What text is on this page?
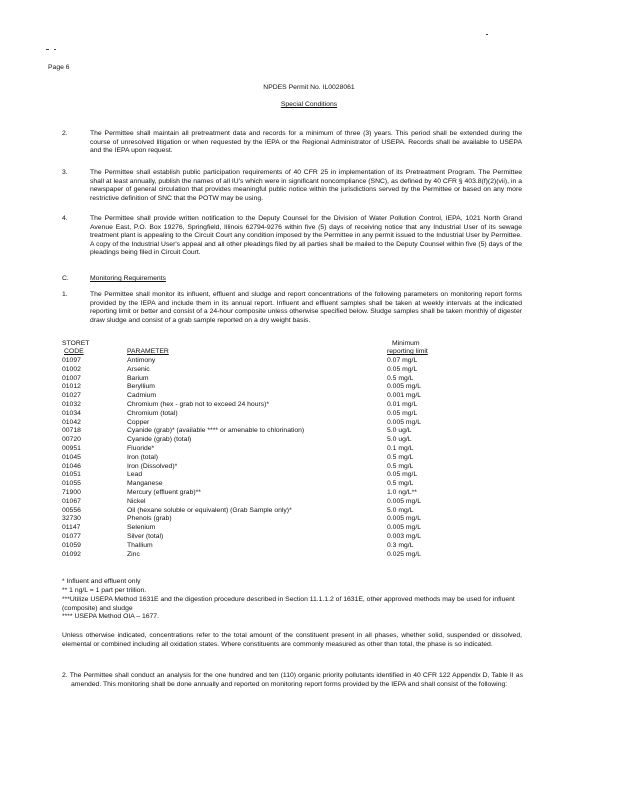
Page 6
NPDES Permit No. IL0028061
Special Conditions
2.	The Permittee shall maintain all pretreatment data and records for a minimum of three (3) years. This period shall be extended during the course of unresolved litigation or when requested by the IEPA or the Regional Administrator of USEPA. Records shall be available to USEPA and the IEPA upon request.
3.	The Permittee shall establish public participation requirements of 40 CFR 25 in implementation of its Pretreatment Program. The Permittee shall at least annually, publish the names of all IU's which were in significant noncompliance (SNC), as defined by 40 CFR § 403.8(f)(2)(vii), in a newspaper of general circulation that provides meaningful public notice within the jurisdictions served by the Permittee or based on any more restrictive definition of SNC that the POTW may be using.
4.	The Permittee shall provide written notification to the Deputy Counsel for the Division of Water Pollution Control, IEPA, 1021 North Grand Avenue East, P.O. Box 19276, Springfield, Illinois 62794-9276 within five (5) days of receiving notice that any Industrial User of its sewage treatment plant is appealing to the Circuit Court any condition imposed by the Permittee in any permit issued to the Industrial User by Permittee. A copy of the Industrial User's appeal and all other pleadings filed by all parties shall be mailed to the Deputy Counsel within five (5) days of the pleadings being filed in Circuit Court.
C.	Monitoring Requirements
1.	The Permittee shall monitor its influent, effluent and sludge and report concentrations of the following parameters on monitoring report forms provided by the IEPA and include them in its annual report. Influent and effluent samples shall be taken at weekly intervals at the indicated reporting limit or better and consist of a 24-hour composite unless otherwise specified below. Sludge samples shall be taken monthly of digester draw sludge and consist of a grab sample reported on a dry weight basis.
STORET	Minimum
CODE	PARAMETER	reporting limit
01097	Antimony	0.07 mg/L
01002	Arsenic	0.05 mg/L
01007	Barium	0.5 mg/L
01012	Beryllium	0.005 mg/L
01027	Cadmium	0.001 mg/L
01032	Chromium (hex - grab not to exceed 24 hours)*	0.01 mg/L
01034	Chromium (total)	0.05 mg/L
01042	Copper	0.005 mg/L
00718	Cyanide (grab)* (available **** or amenable to chlorination)	5.0 ug/L
00720	Cyanide (grab) (total)	5.0 ug/L
00951	Fluoride*	0.1 mg/L
01045	Iron (total)	0.5 mg/L
01046	Iron (Dissolved)*	0.5 mg/L
01051	Lead	0.05 mg/L
01055	Manganese	0.5 mg/L
71900	Mercury (effluent grab)**	1.0 ng/L**
01067	Nickel	0.005 mg/L
00556	Oil (hexane soluble or equivalent) (Grab Sample only)*	5.0 mg/L
32730	Phenols (grab)	0.005 mg/L
01147	Selenium	0.005 mg/L
01077	Silver (total)	0.003 mg/L
01059	Thallium	0.3 mg/L
01092	Zinc	0.025 mg/L
* Influent and effluent only
** 1 ng/L = 1 part per trillion.
***Utilize USEPA Method 1631E and the digestion procedure described in Section 11.1.1.2 of 1631E, other approved methods may be used for influent (composite) and sludge
**** USEPA Method OIA – 1677.
Unless otherwise indicated, concentrations refer to the total amount of the constituent present in all phases, whether solid, suspended or dissolved, elemental or combined including all oxidation states. Where constituents are commonly measured as other than total, the phase is so indicated.
2. The Permittee shall conduct an analysis for the one hundred and ten (110) organic priority pollutants identified in 40 CFR 122 Appendix D, Table II as amended. This monitoring shall be done annually and reported on monitoring report forms provided by the IEPA and shall consist of the following:
